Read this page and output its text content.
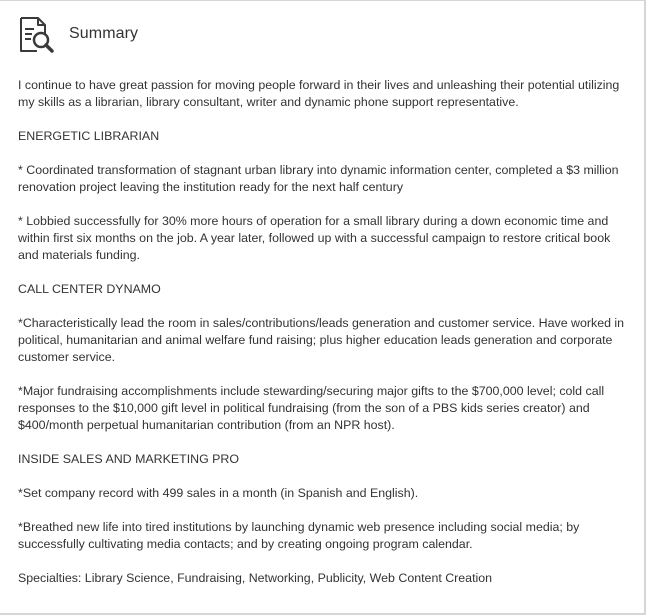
Summary

I continue to have great passion for moving people forward in their lives and unleashing their potential utilizing my skills as a librarian, library consultant, writer and dynamic phone support representative.

ENERGETIC LIBRARIAN

* Coordinated transformation of stagnant urban library into dynamic information center, completed a $3 million renovation project leaving the institution ready for the next half century

* Lobbied successfully for 30% more hours of operation for a small library during a down economic time and within first six months on the job. A year later, followed up with a successful campaign to restore critical book and materials funding.

CALL CENTER DYNAMO

*Characteristically lead the room in sales/contributions/leads generation and customer service. Have worked in political, humanitarian and animal welfare fund raising; plus higher education leads generation and corporate customer service.

*Major fundraising accomplishments include stewarding/securing major gifts to the $700,000 level; cold call responses to the $10,000 gift level in political fundraising (from the son of a PBS kids series creator) and $400/month perpetual humanitarian contribution (from an NPR host).

INSIDE SALES AND MARKETING PRO

*Set company record with 499 sales in a month (in Spanish and English).

*Breathed new life into tired institutions by launching dynamic web presence including social media; by successfully cultivating media contacts; and by creating ongoing program calendar.

Specialties: Library Science, Fundraising, Networking, Publicity, Web Content Creation
